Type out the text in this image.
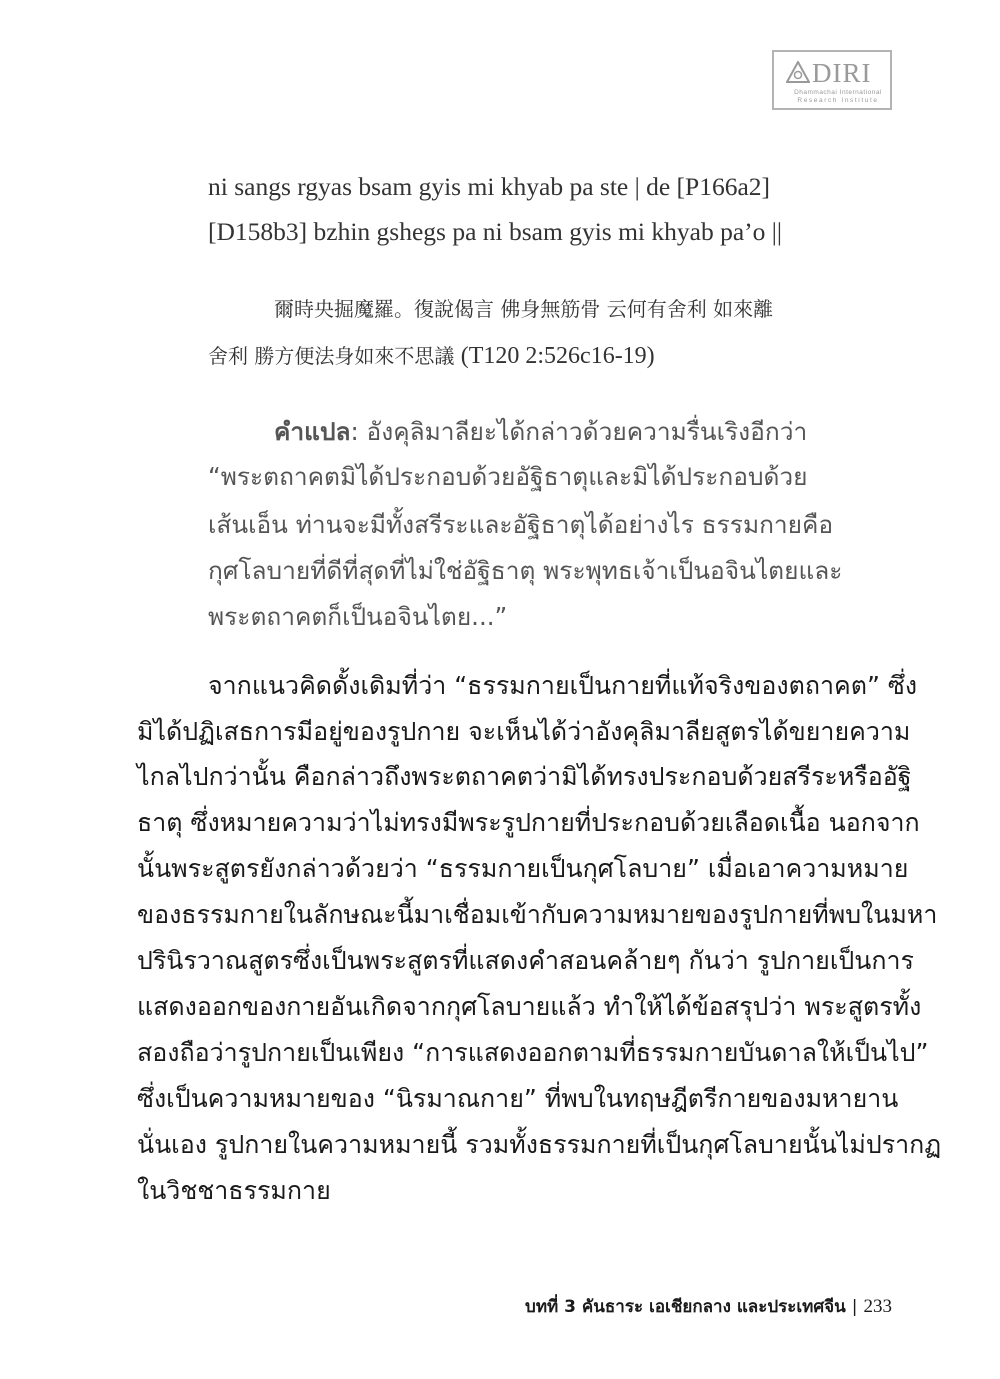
DIRI
Dhammachai International
Research Institute

ni sangs rgyas bsam gyis mi khyab pa ste | de [P166a2]

[D158b3] bzhin gshegs pa ni bsam gyis mi khyab pa’o ||

爾時央掘魔羅。復說偈言 佛身無筋骨 云何有舍利 如來離

舍利 勝方便法身如來不思議 (T120 2:526c16-19)

คำแปล: อังคุลิมาลียะได้กล่าวด้วยความรื่นเริงอีกว่า

“พระตถาคตมิได้ประกอบด้วยอัฐิธาตุและมิได้ประกอบด้วย

เส้นเอ็น ท่านจะมีทั้งสรีระและอัฐิธาตุได้อย่างไร ธรรมกายคือ

กุศโลบายที่ดีที่สุดที่ไม่ใช่อัฐิธาตุ พระพุทธเจ้าเป็นอจินไตยและ

พระตถาคตก็เป็นอจินไตย...”

จากแนวคิดดั้งเดิมที่ว่า “ธรรมกายเป็นกายที่แท้จริงของตถาคต” ซึ่ง

มิได้ปฏิเสธการมีอยู่ของรูปกาย จะเห็นได้ว่าอังคุลิมาลียสูตรได้ขยายความ

ไกลไปกว่านั้น คือกล่าวถึงพระตถาคตว่ามิได้ทรงประกอบด้วยสรีระหรืออัฐิ

ธาตุ ซึ่งหมายความว่าไม่ทรงมีพระรูปกายที่ประกอบด้วยเลือดเนื้อ นอกจาก

นั้นพระสูตรยังกล่าวด้วยว่า “ธรรมกายเป็นกุศโลบาย” เมื่อเอาความหมาย

ของธรรมกายในลักษณะนี้มาเชื่อมเข้ากับความหมายของรูปกายที่พบในมหา

ปรินิรวาณสูตรซึ่งเป็นพระสูตรที่แสดงคำสอนคล้ายๆ กันว่า รูปกายเป็นการ

แสดงออกของกายอันเกิดจากกุศโลบายแล้ว ทำให้ได้ข้อสรุปว่า พระสูตรทั้ง

สองถือว่ารูปกายเป็นเพียง “การแสดงออกตามที่ธรรมกายบันดาลให้เป็นไป”

ซึ่งเป็นความหมายของ “นิรมาณกาย” ที่พบในทฤษฎีตรีกายของมหายาน

นั่นเอง รูปกายในความหมายนี้ รวมทั้งธรรมกายที่เป็นกุศโลบายนั้นไม่ปรากฏ

ในวิชชาธรรมกาย

บทที่ 3 คันธาระ เอเชียกลาง และประเทศจีน | 233
